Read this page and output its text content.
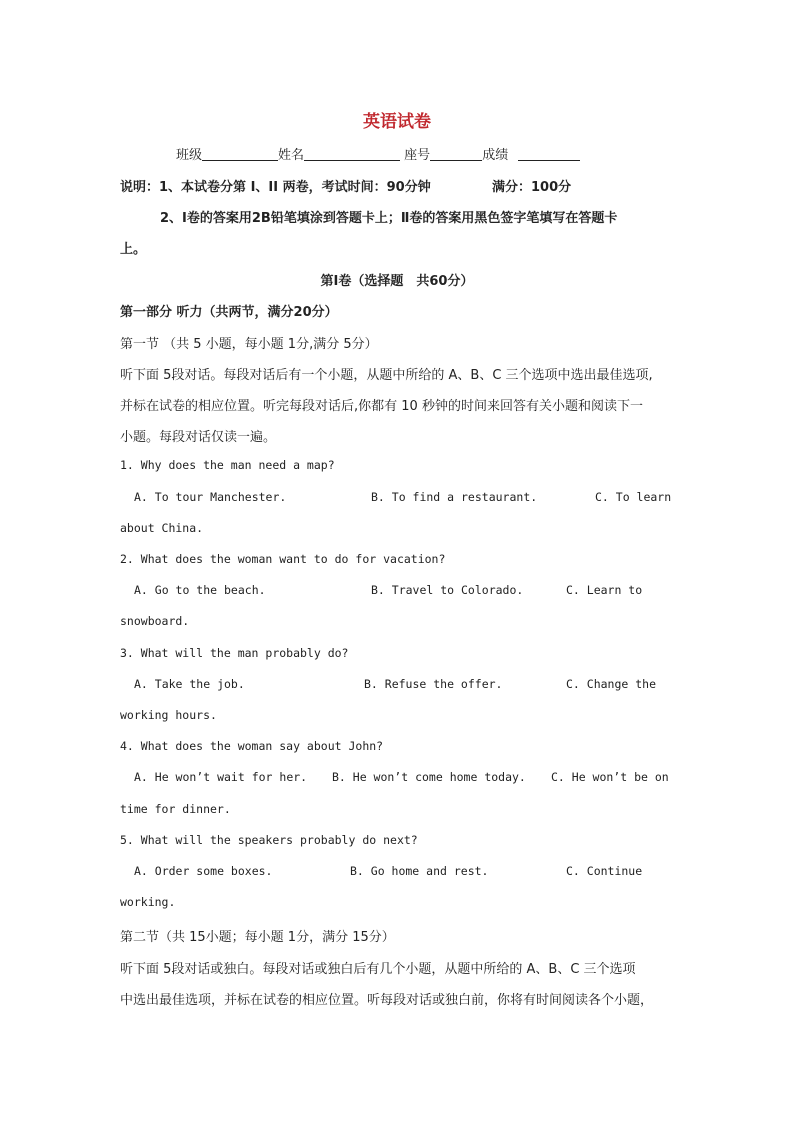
英语试卷
班级	姓名	座号	成绩
说明：1、本试卷分第 I、II 两卷，考试时间：90分钟	满分：100分
2、Ⅰ卷的答案用2B铅笔填涂到答题卡上；Ⅱ卷的答案用黑色签字笔填写在答题卡
上。
第Ⅰ卷（选择题　共60分）
第一部分 听力（共两节，满分20分）
第一节 （共 5 小题，每小题 1分,满分 5分）
听下面 5段对话。每段对话后有一个小题，从题中所给的 A、B、C 三个选项中选出最佳选项,
并标在试卷的相应位置。听完每段对话后,你都有 10 秒钟的时间来回答有关小题和阅读下一
小题。每段对话仅读一遍。
1. Why does the man need a map?
A. To tour Manchester.	B. To find a restaurant.	C. To learn
about China.
2. What does the woman want to do for vacation?
A. Go to the beach.	B. Travel to Colorado.	C. Learn to
snowboard.
3. What will the man probably do?
A. Take the job.	B. Refuse the offer.	C. Change the
working hours.
4. What does the woman say about John?
A. He won’t wait for her. B. He won’t come home today. C. He won’t be on
time for dinner.
5. What will the speakers probably do next?
A. Order some boxes.	B. Go home and rest.	C. Continue
working.
第二节（共 15小题；每小题 1分，满分 15分）
听下面 5段对话或独白。每段对话或独白后有几个小题，从题中所给的 A、B、C 三个选项
中选出最佳选项，并标在试卷的相应位置。听每段对话或独白前，你将有时间阅读各个小题，
